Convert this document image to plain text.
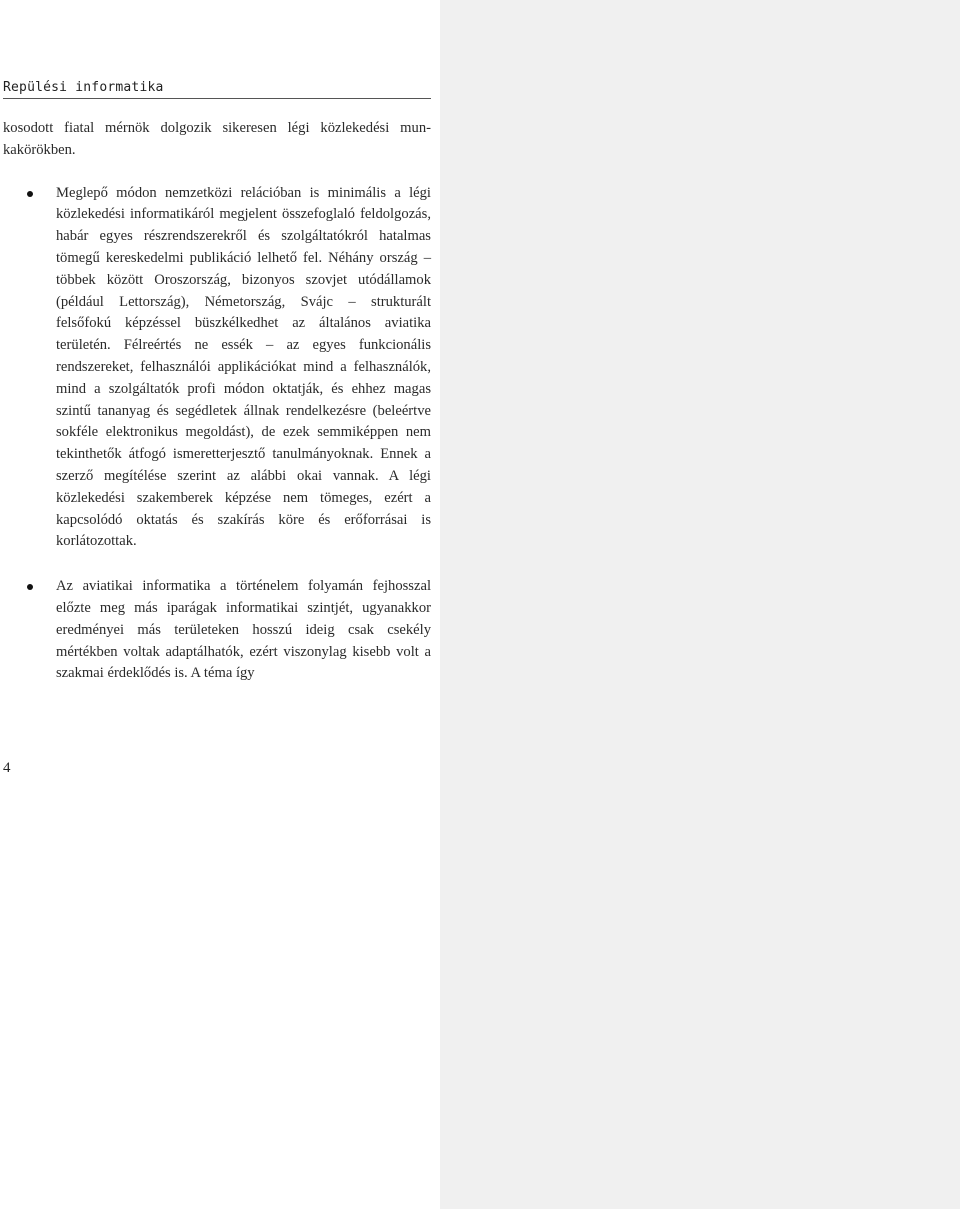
Repülési informatika

kosodott fiatal mérnök dolgozik sikeresen légi közlekedési munkakörökben.

Meglepő módon nemzetközi relációban is minimális a légi közlekedési informatikáról megjelent összefoglaló feldolgozás, habár egyes részrendszerekről és szolgáltatókról hatalmas tömegű kereskedelmi publikáció lelhető fel. Néhány ország – többek között Oroszország, bizonyos szovjet utódállamok (például Lettország), Németország, Svájc – strukturált felsőfokú képzéssel büszkélkedhet az általános aviatika területén. Félreértés ne essék – az egyes funkcionális rendszereket, felhasználói applikációkat mind a felhasználók, mind a szolgáltatók profi módon oktatják, és ehhez magas szintű tananyag és segédletek állnak rendelkezésre (beleértve sokféle elektronikus megoldást), de ezek semmiképpen nem tekinthetők átfogó ismeretterjesztő tanulmányoknak. Ennek a szerző megítélése szerint az alábbi okai vannak. A légi közlekedési szakemberek képzése nem tömeges, ezért a kapcsolódó oktatás és szakírás köre és erőforrásai is korlátozottak.
Az aviatikai informatika a történelem folyamán fejhosszal előzte meg más iparágak informatikai szintjét, ugyanakkor eredményei más területeken hosszú ideig csak csekély mértékben voltak adaptálhatók, ezért viszonylag kisebb volt a szakmai érdeklődés is. A téma így
4
